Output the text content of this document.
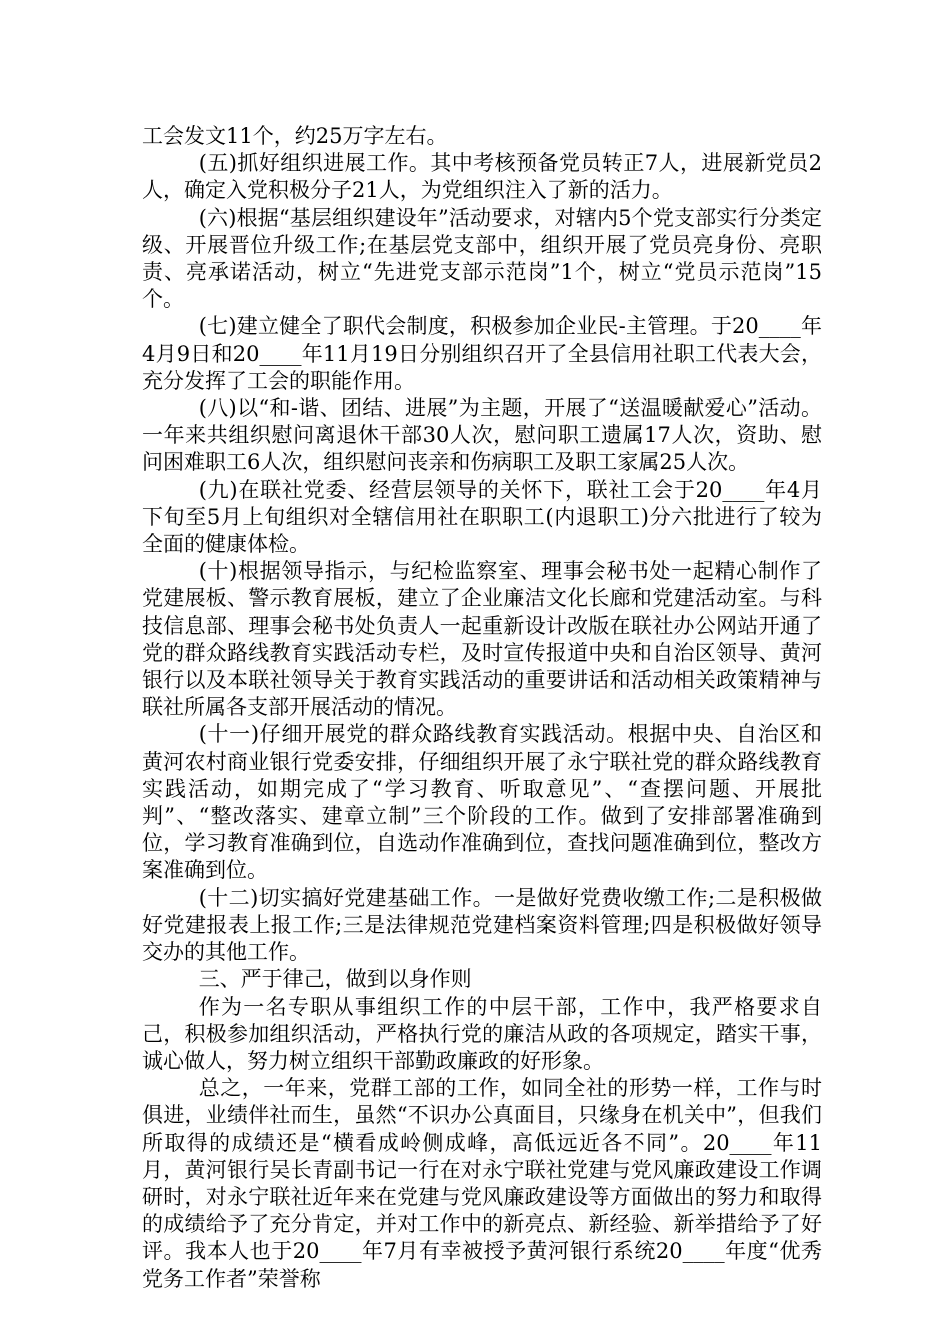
工会发文11个，约25万字左右。

(五)抓好组织进展工作。其中考核预备党员转正7人，进展新党员2人，确定入党积极分子21人，为党组织注入了新的活力。

(六)根据“基层组织建设年”活动要求，对辖内5个党支部实行分类定级、开展晋位升级工作;在基层党支部中，组织开展了党员亮身份、亮职责、亮承诺活动，树立“先进党支部示范岗”1个，树立“党员示范岗”15个。

(七)建立健全了职代会制度，积极参加企业民-主管理。于20____年4月9日和20____年11月19日分别组织召开了全县信用社职工代表大会，充分发挥了工会的职能作用。

(八)以“和-谐、团结、进展”为主题，开展了“送温暖献爱心”活动。一年来共组织慰问离退休干部30人次，慰问职工遗属17人次，资助、慰问困难职工6人次，组织慰问丧亲和伤病职工及职工家属25人次。

(九)在联社党委、经营层领导的关怀下，联社工会于20____年4月下旬至5月上旬组织对全辖信用社在职职工(内退职工)分六批进行了较为全面的健康体检。

(十)根据领导指示，与纪检监察室、理事会秘书处一起精心制作了党建展板、警示教育展板，建立了企业廉洁文化长廊和党建活动室。与科技信息部、理事会秘书处负责人一起重新设计改版在联社办公网站开通了党的群众路线教育实践活动专栏，及时宣传报道中央和自治区领导、黄河银行以及本联社领导关于教育实践活动的重要讲话和活动相关政策精神与联社所属各支部开展活动的情况。

(十一)仔细开展党的群众路线教育实践活动。根据中央、自治区和黄河农村商业银行党委安排，仔细组织开展了永宁联社党的群众路线教育实践活动，如期完成了“学习教育、听取意见”、“查摆问题、开展批判”、“整改落实、建章立制”三个阶段的工作。做到了安排部署准确到位，学习教育准确到位，自选动作准确到位，查找问题准确到位，整改方案准确到位。

(十二)切实搞好党建基础工作。一是做好党费收缴工作;二是积极做好党建报表上报工作;三是法律规范党建档案资料管理;四是积极做好领导交办的其他工作。

三、严于律己，做到以身作则

作为一名专职从事组织工作的中层干部，工作中，我严格要求自己，积极参加组织活动，严格执行党的廉洁从政的各项规定，踏实干事，诚心做人，努力树立组织干部勤政廉政的好形象。

总之，一年来，党群工部的工作，如同全社的形势一样，工作与时俱进，业绩伴社而生，虽然“不识办公真面目，只缘身在机关中”，但我们所取得的成绩还是“横看成岭侧成峰，高低远近各不同”。20____年11月，黄河银行吴长青副书记一行在对永宁联社党建与党风廉政建设工作调研时，对永宁联社近年来在党建与党风廉政建设等方面做出的努力和取得的成绩给予了充分肯定，并对工作中的新亮点、新经验、新举措给予了好评。我本人也于20____年7月有幸被授予黄河银行系统20____年度“优秀党务工作者”荣誉称
